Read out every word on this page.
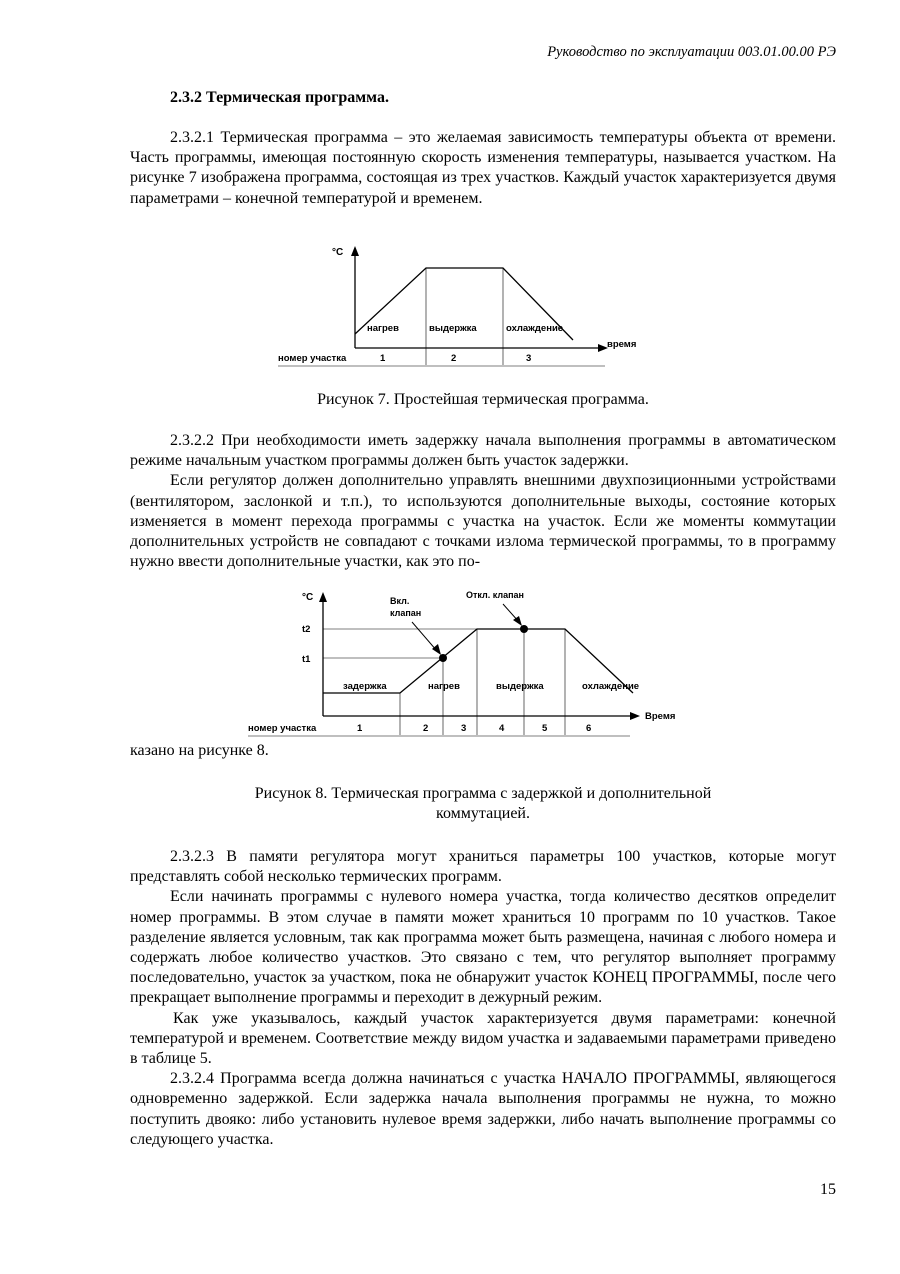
Руководство по эксплуатации 003.01.00.00 РЭ
2.3.2 Термическая программа.

2.3.2.1 Термическая программа – это желаемая зависимость температуры объекта от времени. Часть программы, имеющая постоянную скорость изменения температуры, называется участком. На рисунке 7 изображена программа, состоящая из трех участков. Каждый участок характеризуется двумя параметрами – конечной температурой и временем.

°С
время
нагрев	выдержка	охлаждение
номер участка	1	2	3
Рисунок 7. Простейшая термическая программа.

2.3.2.2 При необходимости иметь задержку начала выполнения программы в автоматическом режиме начальным участком программы должен быть участок задержки.

Если регулятор должен дополнительно управлять внешними двухпозиционными устройствами (вентилятором, заслонкой и т.п.), то используются дополнительные выходы, состояние которых изменяется в момент перехода программы с участка на участок. Если же моменты коммутации дополнительных устройств не совпадают с точками излома термической программы, то в программу нужно ввести дополнительные участки, как это по-

°С
Время
t2
t1
Вкл.
клапан
Откл. клапан
задержка	нагрев	выдержка	охлаждение
номер участка	1	2	3	4	5	6
казано на рисунке 8.
Рисунок 8. Термическая программа с задержкой и дополнительной
коммутацией.

2.3.2.3 В памяти регулятора могут храниться параметры 100 участков, которые могут представлять собой несколько термических программ.

Если начинать программы с нулевого номера участка, тогда количество десятков определит номер программы. В этом случае в памяти может храниться 10 программ по 10 участков. Такое разделение является условным, так как программа может быть размещена, начиная с любого номера и содержать любое количество участков. Это связано с тем, что регулятор выполняет программу последовательно, участок за участком, пока не обнаружит участок КОНЕЦ ПРОГРАММЫ, после чего прекращает выполнение программы и переходит в дежурный режим.

Как уже указывалось, каждый участок характеризуется двумя параметрами: конечной температурой и временем. Соответствие между видом участка и задаваемыми параметрами приведено в таблице 5.

2.3.2.4 Программа всегда должна начинаться с участка НАЧАЛО ПРОГРАММЫ, являющегося одновременно задержкой. Если задержка начала выполнения программы не нужна, то можно поступить двояко: либо установить нулевое время задержки, либо начать выполнение программы со следующего участка.

15
